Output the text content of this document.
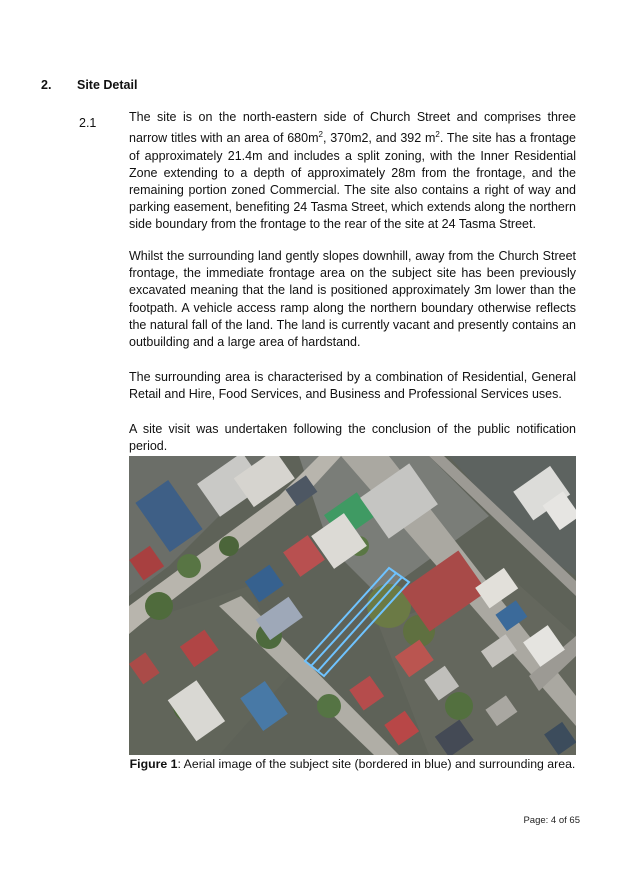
2. Site Detail
2.1	The site is on the north-eastern side of Church Street and comprises three narrow titles with an area of $680m^2$, 370m2, and 392 $m^2$. The site has a frontage of approximately 21.4m and includes a split zoning, with the Inner Residential Zone extending to a depth of approximately 28m from the frontage, and the remaining portion zoned Commercial. The site also contains a right of way and parking easement, benefiting 24 Tasma Street, which extends along the northern side boundary from the frontage to the rear of the site at 24 Tasma Street.
Whilst the surrounding land gently slopes downhill, away from the Church Street frontage, the immediate frontage area on the subject site has been previously excavated meaning that the land is positioned approximately 3m lower than the footpath. A vehicle access ramp along the northern boundary otherwise reflects the natural fall of the land. The land is currently vacant and presently contains an outbuilding and a large area of hardstand.
The surrounding area is characterised by a combination of Residential, General Retail and Hire, Food Services, and Business and Professional Services uses.
A site visit was undertaken following the conclusion of the public notification period.
Figure 1: Aerial image of the subject site (bordered in blue) and surrounding area.
Page: 4 of 65
